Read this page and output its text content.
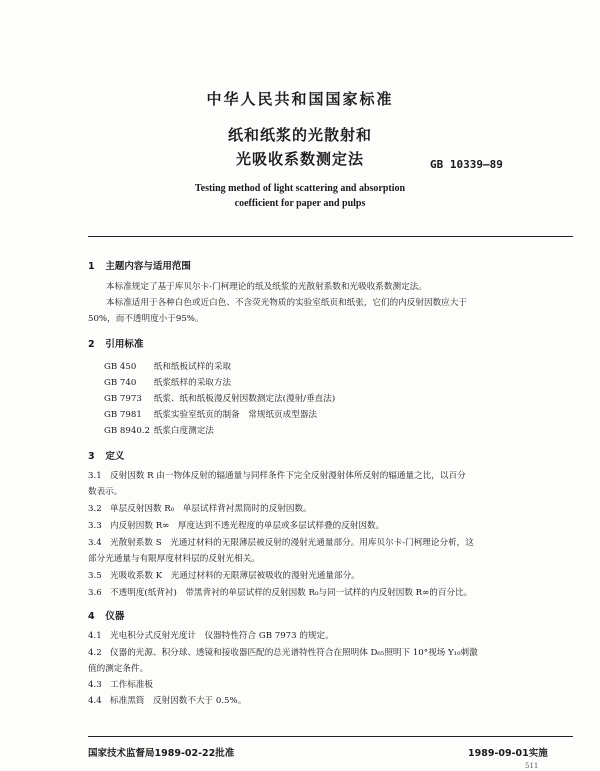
中华人民共和国国家标准
纸和纸浆的光散射和
光吸收系数测定法	GB 10339—89
Testing method of light scattering and absorption
coefficient for paper and pulps
1 主题内容与适用范围
本标准规定了基于库贝尔卡-门柯理论的纸及纸浆的光散射系数和光吸收系数测定法。
本标准适用于各种白色或近白色、不含荧光物质的实验室纸页和纸张，它们的内反射因数应大于
50%，而不透明度小于95%。
2 引用标准
GB 450 纸和纸板试样的采取
GB 740 纸浆纸样的采取方法
GB 7973 纸浆、纸和纸板漫反射因数测定法(漫射/垂直法)
GB 7981 纸浆实验室纸页的制备　常规纸页成型器法
GB 8940.2 纸浆白度测定法
3 定义
3.1 反射因数 R 由一物体反射的辐通量与同样条件下完全反射漫射体所反射的辐通量之比，以百分
数表示。
3.2 单层反射因数 R₀　单层试样背衬黑筒时的反射因数。
3.3 内反射因数 R∞　厚度达到不透光程度的单层或多层试样叠的反射因数。
3.4 光散射系数 S　光通过材料的无限薄层被反射的漫射光通量部分。用库贝尔卡-门柯理论分析，这
部分光通量与有限厚度材料层的反射光相关。
3.5 光吸收系数 K　光通过材料的无限薄层被吸收的漫射光通量部分。
3.6 不透明度(纸背衬)　带黑背衬的单层试样的反射因数 R₀与同一试样的内反射因数 R∞的百分比。
4 仪器
4.1 光电积分式反射光度计　仪器特性符合 GB 7973 的规定。
4.2 仪器的光源、积分球、透镜和接收器匹配的总光谱特性符合在照明体 D₆₅照明下 10°视场 Y₁₀刺激
值的测定条件。
4.3 工作标准板
4.4 标准黑筒　反射因数不大于 0.5%。
国家技术监督局1989-02-22批准	1989-09-01实施
511
